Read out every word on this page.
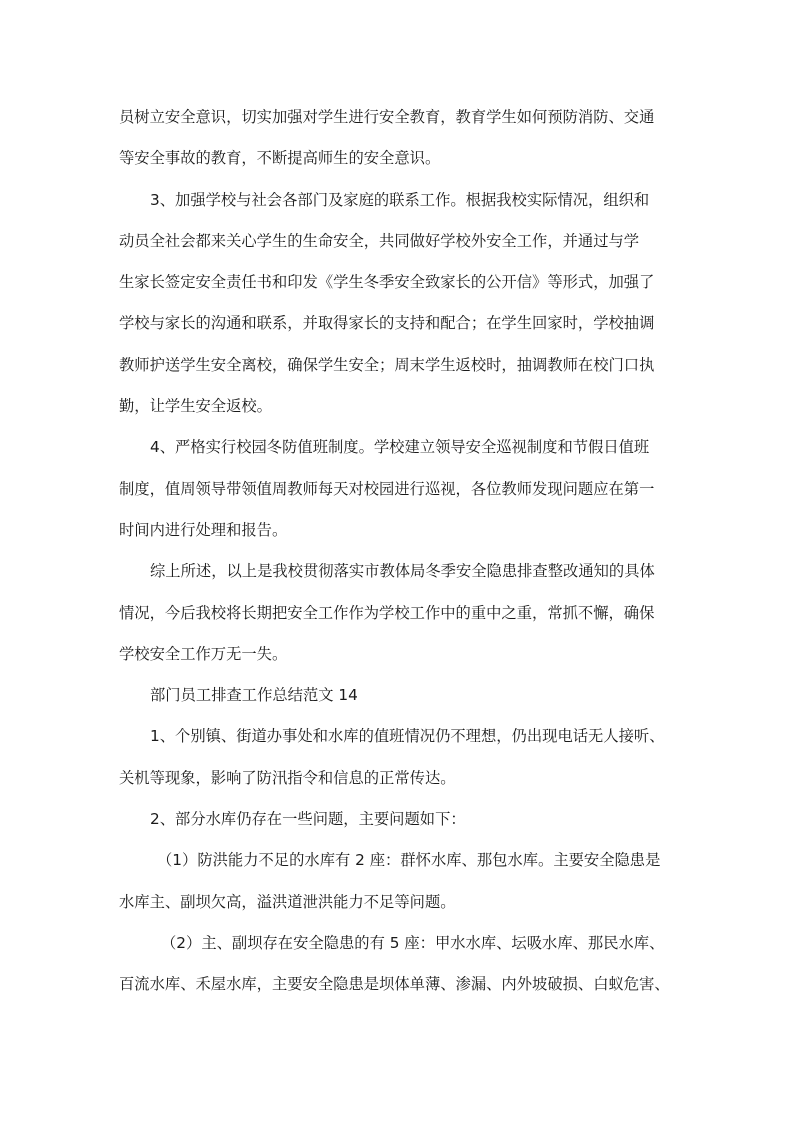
员树立安全意识，切实加强对学生进行安全教育，教育学生如何预防消防、交通
等安全事故的教育，不断提高师生的安全意识。
3、加强学校与社会各部门及家庭的联系工作。根据我校实际情况，组织和
动员全社会都来关心学生的生命安全，共同做好学校外安全工作，并通过与学
生家长签定安全责任书和印发《学生冬季安全致家长的公开信》等形式，加强了
学校与家长的沟通和联系，并取得家长的支持和配合；在学生回家时，学校抽调
教师护送学生安全离校，确保学生安全；周末学生返校时，抽调教师在校门口执
勤，让学生安全返校。
4、严格实行校园冬防值班制度。学校建立领导安全巡视制度和节假日值班
制度，值周领导带领值周教师每天对校园进行巡视，各位教师发现问题应在第一
时间内进行处理和报告。
综上所述，以上是我校贯彻落实市教体局冬季安全隐患排查整改通知的具体
情况，今后我校将长期把安全工作作为学校工作中的重中之重，常抓不懈，确保
学校安全工作万无一失。
部门员工排查工作总结范文 14
1、个别镇、街道办事处和水库的值班情况仍不理想，仍出现电话无人接听、
关机等现象，影响了防汛指令和信息的正常传达。
2、部分水库仍存在一些问题，主要问题如下：
（1）防洪能力不足的水库有 2 座：群怀水库、那包水库。主要安全隐患是
水库主、副坝欠高，溢洪道泄洪能力不足等问题。
（2）主、副坝存在安全隐患的有 5 座：甲水水库、坛吸水库、那民水库、
百流水库、禾屋水库，主要安全隐患是坝体单薄、渗漏、内外坡破损、白蚁危害、
